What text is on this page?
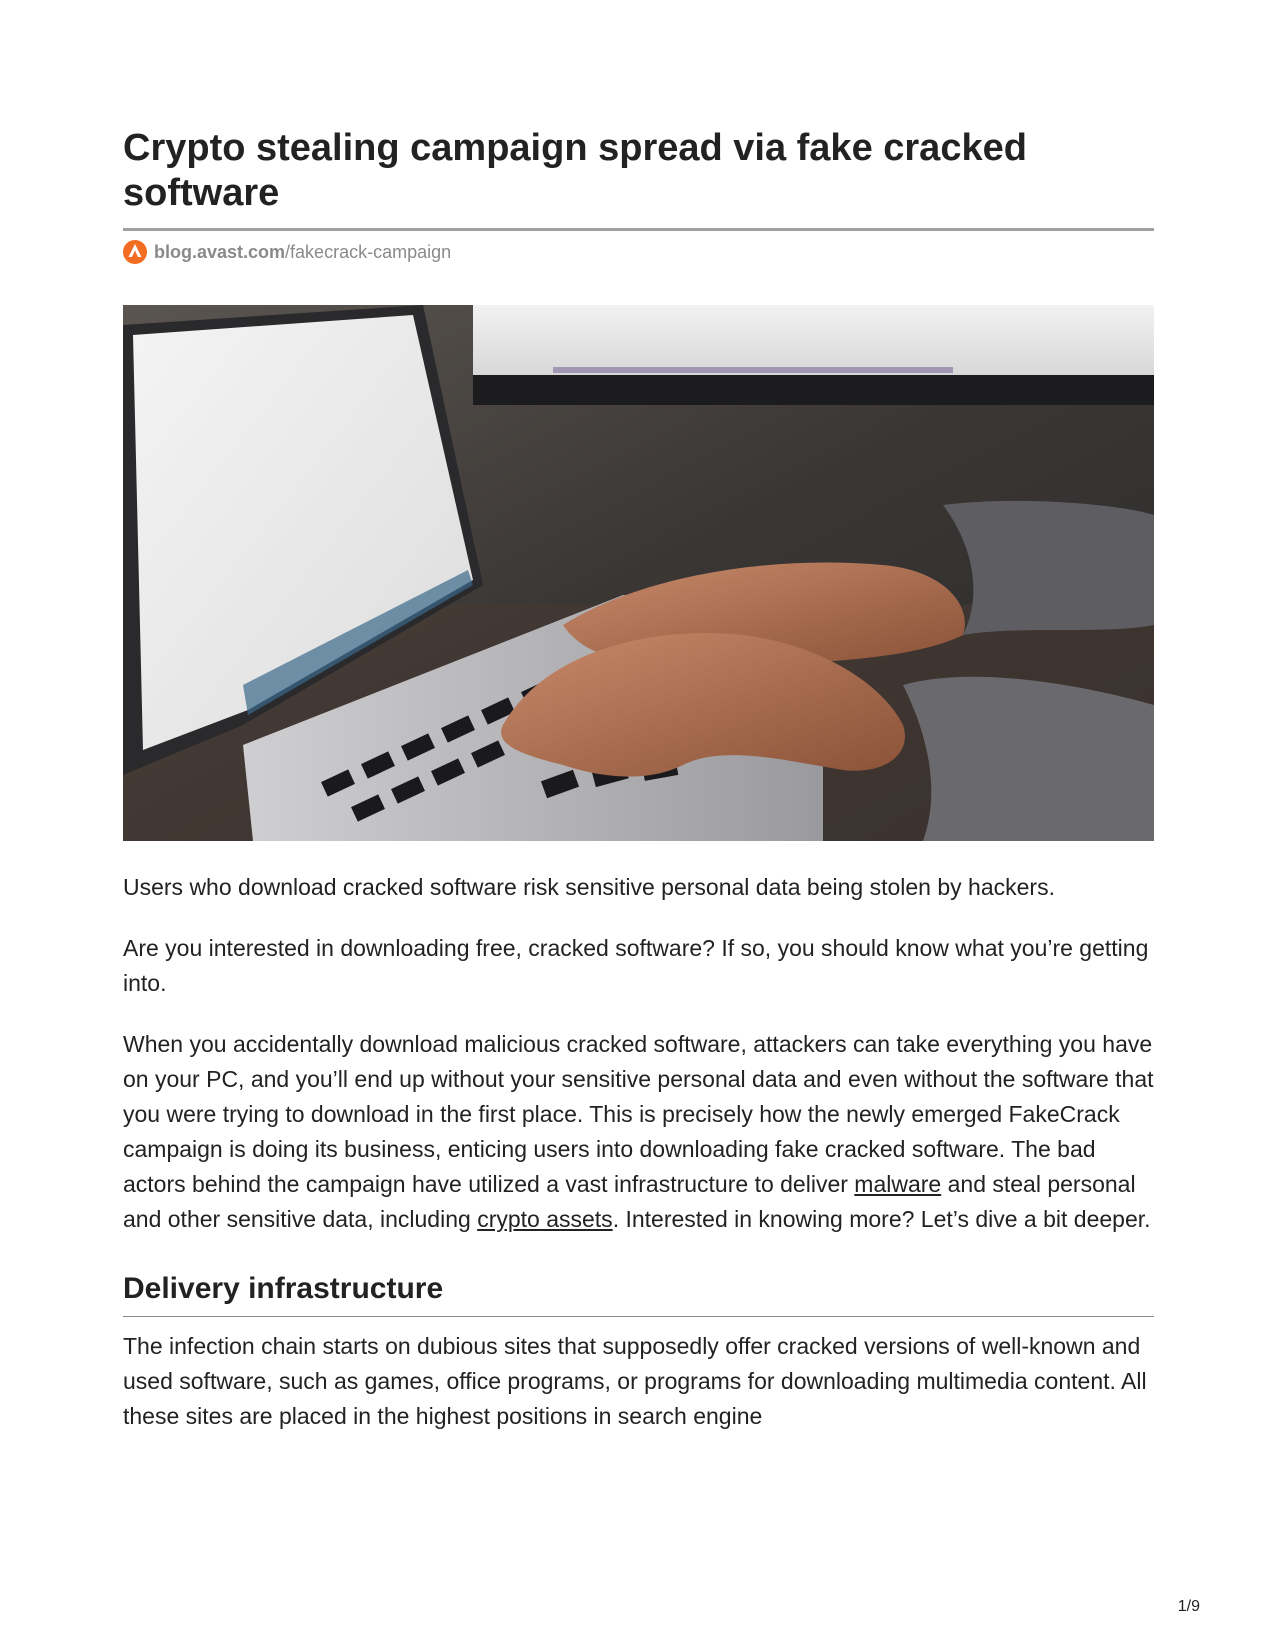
Crypto stealing campaign spread via fake cracked software
blog.avast.com /fakecrack-campaign

Users who download cracked software risk sensitive personal data being stolen by hackers.

Are you interested in downloading free, cracked software? If so, you should know what you’re getting into.

When you accidentally download malicious cracked software, attackers can take everything you have on your PC, and you’ll end up without your sensitive personal data and even without the software that you were trying to download in the first place. This is precisely how the newly emerged FakeCrack campaign is doing its business, enticing users into downloading fake cracked software. The bad actors behind the campaign have utilized a vast infrastructure to deliver malware and steal personal and other sensitive data, including crypto assets. Interested in knowing more? Let’s dive a bit deeper.

Delivery infrastructure

The infection chain starts on dubious sites that supposedly offer cracked versions of well-known and used software, such as games, office programs, or programs for downloading multimedia content. All these sites are placed in the highest positions in search engine

1/9
